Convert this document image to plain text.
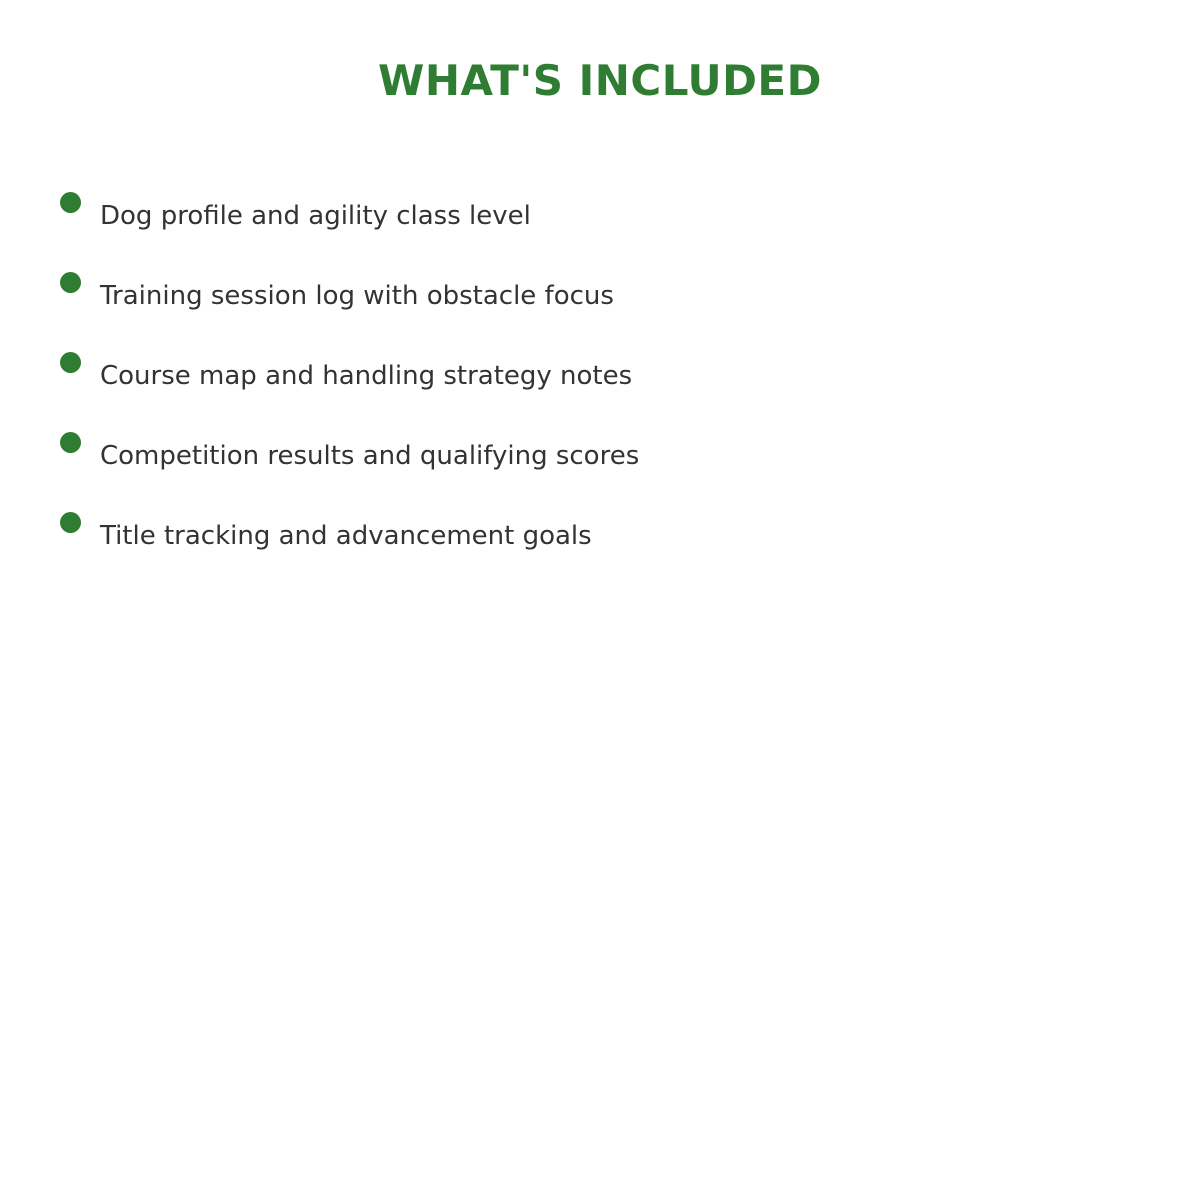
WHAT'S INCLUDED
Dog profile and agility class level
Training session log with obstacle focus
Course map and handling strategy notes
Competition results and qualifying scores
Title tracking and advancement goals
